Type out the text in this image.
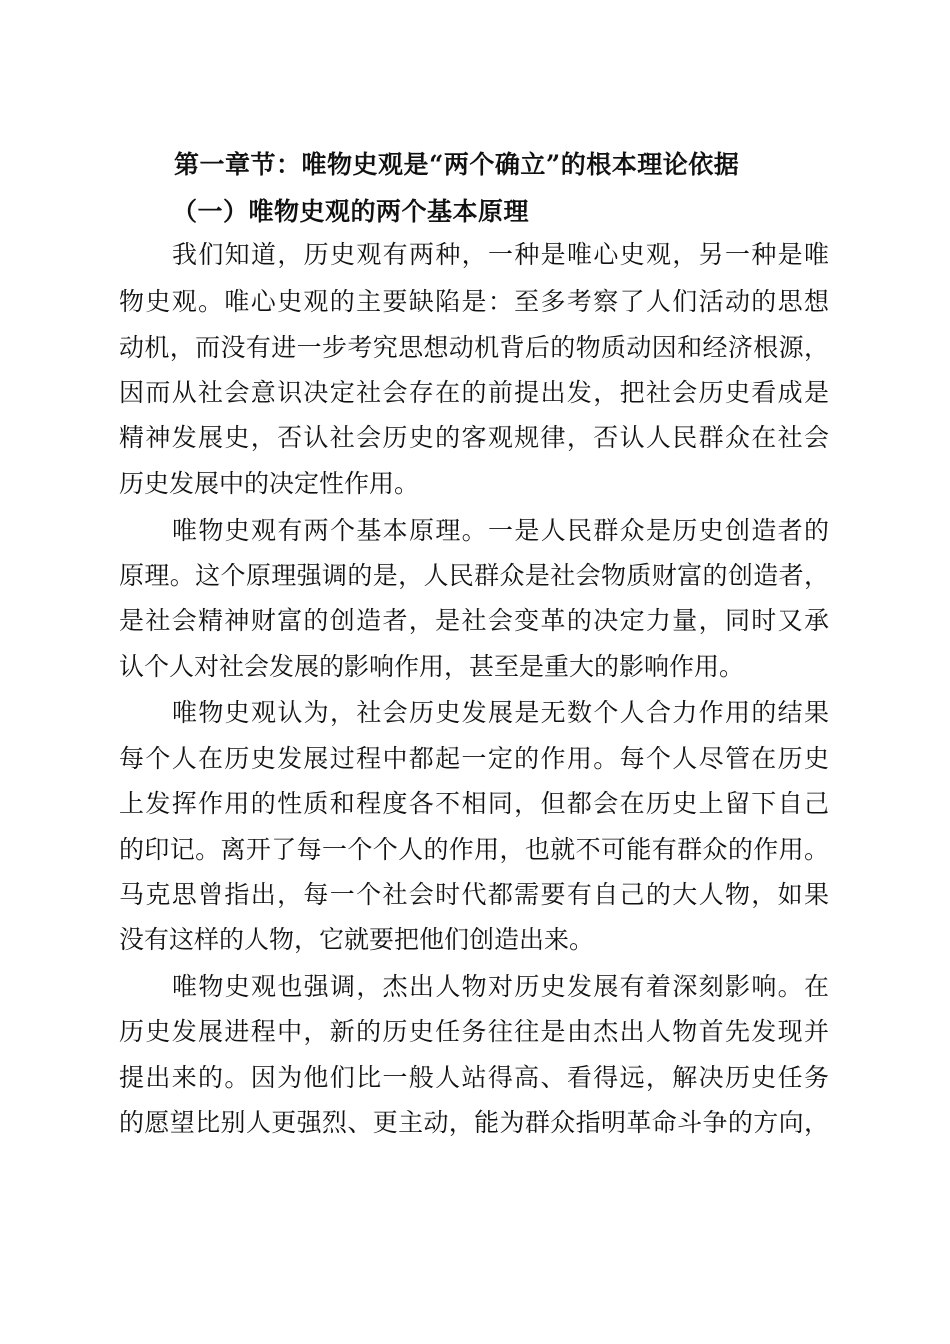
第一章节：唯物史观是“两个确立”的根本理论依据
（一）唯物史观的两个基本原理
我们知道，历史观有两种，一种是唯心史观，另一种是唯
物史观。唯心史观的主要缺陷是：至多考察了人们活动的思想
动机，而没有进一步考究思想动机背后的物质动因和经济根源，
因而从社会意识决定社会存在的前提出发，把社会历史看成是
精神发展史，否认社会历史的客观规律，否认人民群众在社会
历史发展中的决定性作用。
唯物史观有两个基本原理。一是人民群众是历史创造者的
原理。这个原理强调的是，人民群众是社会物质财富的创造者，
是社会精神财富的创造者，是社会变革的决定力量，同时又承
认个人对社会发展的影响作用，甚至是重大的影响作用。
唯物史观认为，社会历史发展是无数个人合力作用的结果
每个人在历史发展过程中都起一定的作用。每个人尽管在历史
上发挥作用的性质和程度各不相同，但都会在历史上留下自己
的印记。离开了每一个个人的作用，也就不可能有群众的作用。
马克思曾指出，每一个社会时代都需要有自己的大人物，如果
没有这样的人物，它就要把他们创造出来。
唯物史观也强调，杰出人物对历史发展有着深刻影响。在
历史发展进程中，新的历史任务往往是由杰出人物首先发现并
提出来的。因为他们比一般人站得高、看得远，解决历史任务
的愿望比别人更强烈、更主动，能为群众指明革命斗争的方向，
